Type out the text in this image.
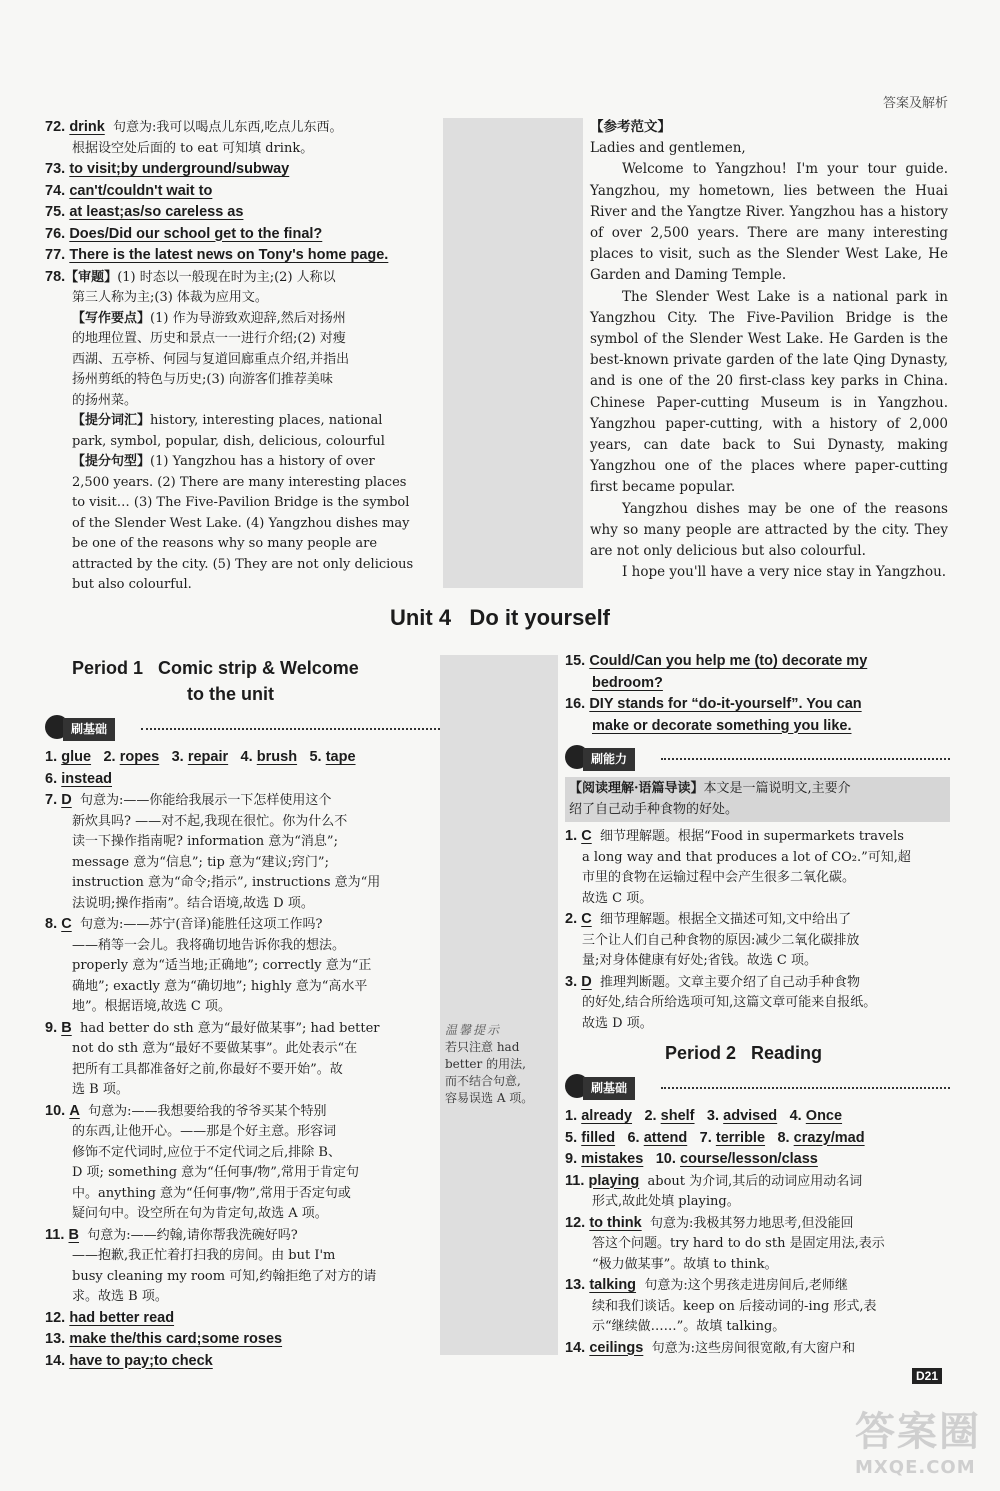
答案及解析
72. drink 句意为:我可以喝点儿东西,吃点儿东西。
根据设空处后面的 to eat 可知填 drink。
73. to visit;by underground/subway
74. can't/couldn't wait to
75. at least;as/so careless as
76. Does/Did our school get to the final?
77. There is the latest news on Tony's home page.
78.【审题】(1) 时态以一般现在时为主;(2) 人称以
第三人称为主;(3) 体裁为应用文。
【写作要点】(1) 作为导游致欢迎辞,然后对扬州
的地理位置、历史和景点一一进行介绍;(2) 对瘦
西湖、五亭桥、何园与复道回廊重点介绍,并指出
扬州剪纸的特色与历史;(3) 向游客们推荐美味
的扬州菜。
【提分词汇】history, interesting places, national
park, symbol, popular, dish, delicious, colourful
【提分句型】(1) Yangzhou has a history of over
2,500 years. (2) There are many interesting places
to visit… (3) The Five-Pavilion Bridge is the symbol
of the Slender West Lake. (4) Yangzhou dishes may
be one of the reasons why so many people are
attracted by the city. (5) They are not only delicious
but also colourful.
【参考范文】
Ladies and gentlemen,

Welcome to Yangzhou! I'm your tour guide. Yangzhou, my hometown, lies between the Huai River and the Yangtze River. Yangzhou has a history of over 2,500 years. There are many interesting places to visit, such as the Slender West Lake, He Garden and Daming Temple.

The Slender West Lake is a national park in Yangzhou City. The Five-Pavilion Bridge is the symbol of the Slender West Lake. He Garden is the best-known private garden of the late Qing Dynasty, and is one of the 20 first-class key parks in China. Chinese Paper-cutting Museum is in Yangzhou. Yangzhou paper-cutting, with a history of 2,000 years, can date back to Sui Dynasty, making Yangzhou one of the places where paper-cutting first became popular.

Yangzhou dishes may be one of the reasons why so many people are attracted by the city. They are not only delicious but also colourful.

I hope you'll have a very nice stay in Yangzhou.

Unit 4   Do it yourself
Period 1   Comic strip & Welcome
to the unit
刷基础
1. glue 2. ropes 3. repair 4. brush 5. tape
6. instead
7. D 句意为:——你能给我展示一下怎样使用这个
新炊具吗? ——对不起,我现在很忙。你为什么不
读一下操作指南呢? information 意为“消息”;
message 意为“信息”; tip 意为“建议;窍门”;
instruction 意为“命令;指示”, instructions 意为“用
法说明;操作指南”。结合语境,故选 D 项。
8. C 句意为:——苏宁(音译)能胜任这项工作吗?
——稍等一会儿。我将确切地告诉你我的想法。
properly 意为“适当地;正确地”; correctly 意为“正
确地”; exactly 意为“确切地”; highly 意为“高水平
地”。根据语境,故选 C 项。
9. B had better do sth 意为“最好做某事”; had better
not do sth 意为“最好不要做某事”。此处表示“在
把所有工具都准备好之前,你最好不要开始”。故
选 B 项。
10. A 句意为:——我想要给我的爷爷买某个特别
的东西,让他开心。——那是个好主意。形容词
修饰不定代词时,应位于不定代词之后,排除 B、
D 项; something 意为“任何事/物”,常用于肯定句
中。anything 意为“任何事/物”,常用于否定句或
疑问句中。设空所在句为肯定句,故选 A 项。
11. B 句意为:——约翰,请你帮我洗碗好吗?
——抱歉,我正忙着打扫我的房间。由 but I'm
busy cleaning my room 可知,约翰拒绝了对方的请
求。故选 B 项。
12. had better read
13. make the/this card;some roses
14. have to pay;to check
温馨提示
若只注意 had
better 的用法,
而不结合句意,
容易误选 A 项。
15. Could/Can you help me (to) decorate my
bedroom?
16. DIY stands for “do-it-yourself”. You can
make or decorate something you like.
刷能力
【阅读理解·语篇导读】本文是一篇说明文,主要介
绍了自己动手种食物的好处。
1. C 细节理解题。根据“Food in supermarkets travels
a long way and that produces a lot of CO₂.”可知,超
市里的食物在运输过程中会产生很多二氧化碳。
故选 C 项。
2. C 细节理解题。根据全文描述可知,文中给出了
三个让人们自己种食物的原因:减少二氧化碳排放
量;对身体健康有好处;省钱。故选 C 项。
3. D 推理判断题。文章主要介绍了自己动手种食物
的好处,结合所给选项可知,这篇文章可能来自报纸。
故选 D 项。
Period 2   Reading
刷基础
1. already 2. shelf 3. advised 4. Once
5. filled 6. attend 7. terrible 8. crazy/mad
9. mistakes 10. course/lesson/class
11. playing about 为介词,其后的动词应用动名词
形式,故此处填 playing。
12. to think 句意为:我极其努力地思考,但没能回
答这个问题。try hard to do sth 是固定用法,表示
“极力做某事”。故填 to think。
13. talking 句意为:这个男孩走进房间后,老师继
续和我们谈话。keep on 后接动词的-ing 形式,表
示“继续做……”。故填 talking。
14. ceilings 句意为:这些房间很宽敞,有大窗户和
D21
答案圈
MXQE.COM
